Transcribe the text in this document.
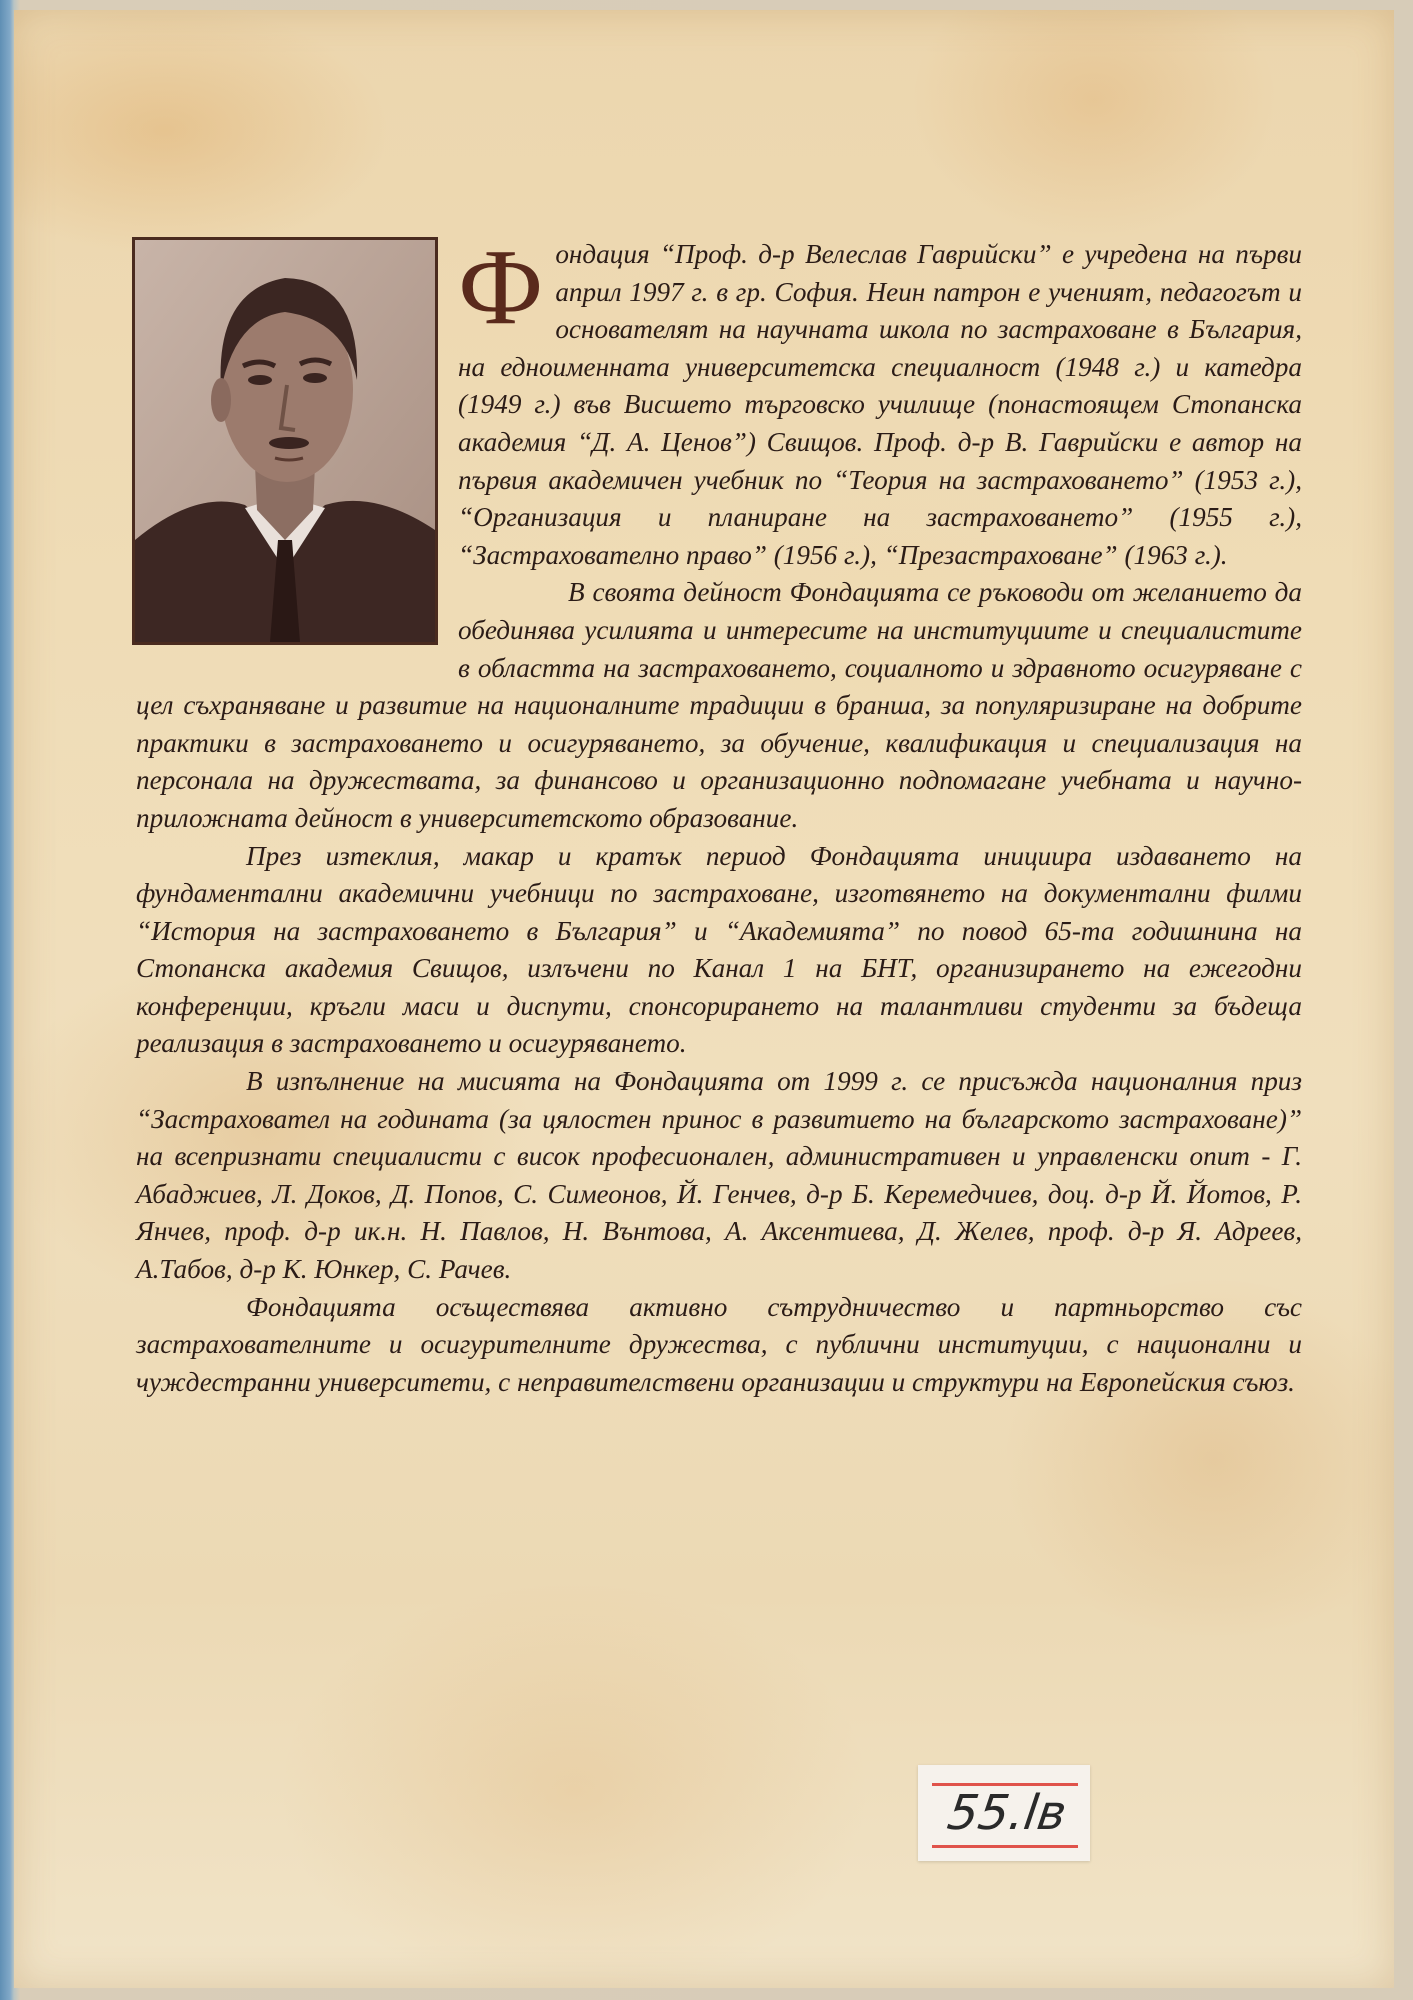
Фондация “Проф. д-р Велеслав Гаврийски” е учредена на първи април 1997 г. в гр. София. Неин патрон е ученият, педагогът и основателят на научната школа по застраховане в България, на едноименната университетска специалност (1948 г.) и катедра (1949 г.) във Висшето търговско училище (понастоящем Стопанска академия “Д. А. Ценов”) Свищов. Проф. д-р В. Гаврийски е автор на първия академичен учебник по “Теория на застраховането” (1953 г.), “Организация и планиране на застраховането” (1955 г.), “Застрахователно право” (1956 г.), “Презастраховане” (1963 г.).

В своята дейност Фондацията се ръководи от желанието да обединява усилията и интересите на институциите и специалистите в областта на застраховането, социалното и здравното осигуряване с цел съхраняване и развитие на националните традиции в бранша, за популяризиране на добрите практики в застраховането и осигуряването, за обучение, квалификация и специализация на персонала на дружествата, за финансово и организационно подпомагане учебната и научно-приложната дейност в университетското образование.

През изтеклия, макар и кратък период Фондацията инициира издаването на фундаментални академични учебници по застраховане, изготвянето на документални филми “История на застраховането в България” и “Академията” по повод 65-та годишнина на Стопанска академия Свищов, излъчени по Канал 1 на БНТ, организирането на ежегодни конференции, кръгли маси и диспути, спонсорирането на талантливи студенти за бъдеща реализация в застраховането и осигуряването.

В изпълнение на мисията на Фондацията от 1999 г. се присъжда националния приз “Застраховател на годината (за цялостен принос в развитието на българското застраховане)” на всепризнати специалисти с висок професионален, административен и управленски опит - Г. Абаджиев, Л. Доков, Д. Попов, С. Симеонов, Й. Генчев, д-р Б. Керемедчиев, доц. д-р Й. Йотов, Р. Янчев, проф. д-р ик.н. Н. Павлов, Н. Вънтова, А. Аксентиева, Д. Желев, проф. д-р Я. Адреев, А.Табов, д-р К. Юнкер, С. Рачев.

Фондацията осъществява активно сътрудничество и партньорство със застрахователните и осигурителните дружества, с публични институции, с национални и чуждестранни университети, с неправителствени организации и структури на Европейския съюз.

55.lв
